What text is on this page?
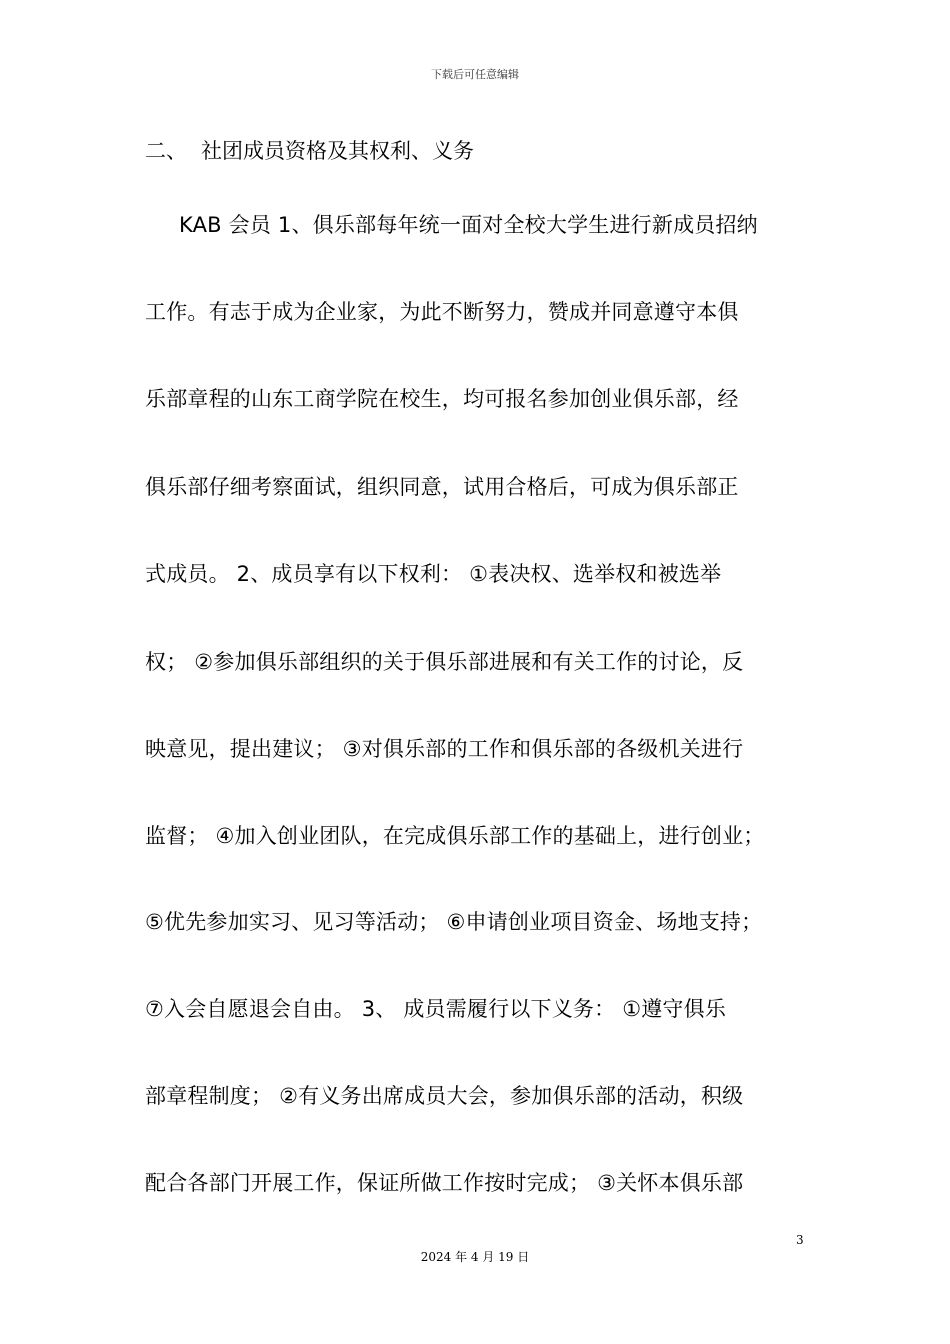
下载后可任意编辑
二、 社团成员资格及其权利、义务
KAB 会员 1、俱乐部每年统一面对全校大学生进行新成员招纳
工作。有志于成为企业家，为此不断努力，赞成并同意遵守本俱
乐部章程的山东工商学院在校生，均可报名参加创业俱乐部，经
俱乐部仔细考察面试，组织同意，试用合格后，可成为俱乐部正
式成员。 2、成员享有以下权利： ①表决权、选举权和被选举
权； ②参加俱乐部组织的关于俱乐部进展和有关工作的讨论，反
映意见，提出建议； ③对俱乐部的工作和俱乐部的各级机关进行
监督； ④加入创业团队，在完成俱乐部工作的基础上，进行创业；
⑤优先参加实习、见习等活动； ⑥申请创业项目资金、场地支持；
⑦入会自愿退会自由。 3、 成员需履行以下义务： ①遵守俱乐
部章程制度； ②有义务出席成员大会，参加俱乐部的活动，积级
配合各部门开展工作，保证所做工作按时完成； ③关怀本俱乐部
3
2024 年 4 月 19 日
